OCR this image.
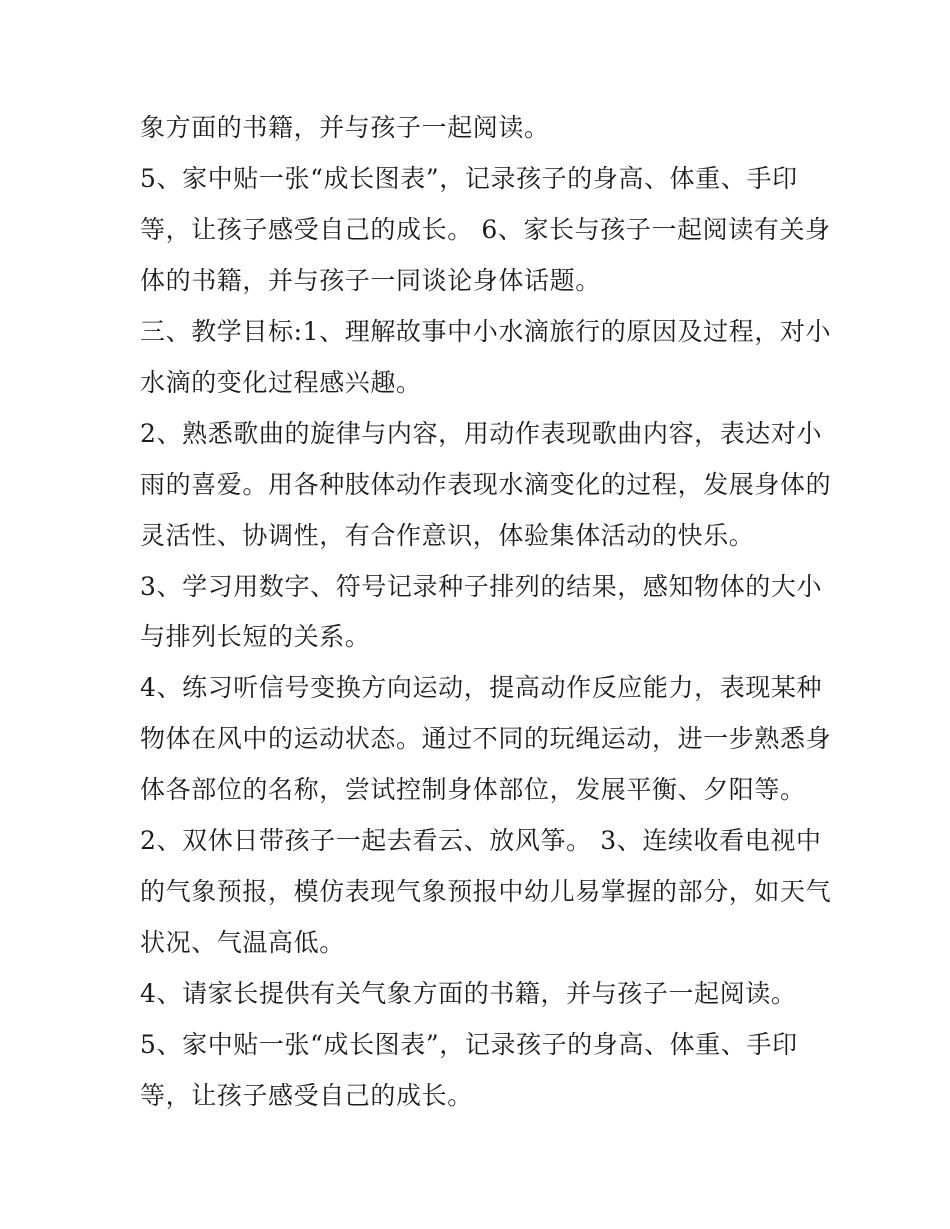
象方面的书籍，并与孩子一起阅读。
5、家中贴一张“成长图表”，记录孩子的身高、体重、手印
等，让孩子感受自己的成长。 6、家长与孩子一起阅读有关身
体的书籍，并与孩子一同谈论身体话题。
三、教学目标:1、理解故事中小水滴旅行的原因及过程，对小
水滴的变化过程感兴趣。
2、熟悉歌曲的旋律与内容，用动作表现歌曲内容，表达对小
雨的喜爱。用各种肢体动作表现水滴变化的过程，发展身体的
灵活性、协调性，有合作意识，体验集体活动的快乐。
3、学习用数字、符号记录种子排列的结果，感知物体的大小
与排列长短的关系。
4、练习听信号变换方向运动，提高动作反应能力，表现某种
物体在风中的运动状态。通过不同的玩绳运动，进一步熟悉身
体各部位的名称，尝试控制身体部位，发展平衡、夕阳等。
2、双休日带孩子一起去看云、放风筝。 3、连续收看电视中
的气象预报，模仿表现气象预报中幼儿易掌握的部分，如天气
状况、气温高低。
4、请家长提供有关气象方面的书籍，并与孩子一起阅读。
5、家中贴一张“成长图表”，记录孩子的身高、体重、手印
等，让孩子感受自己的成长。
